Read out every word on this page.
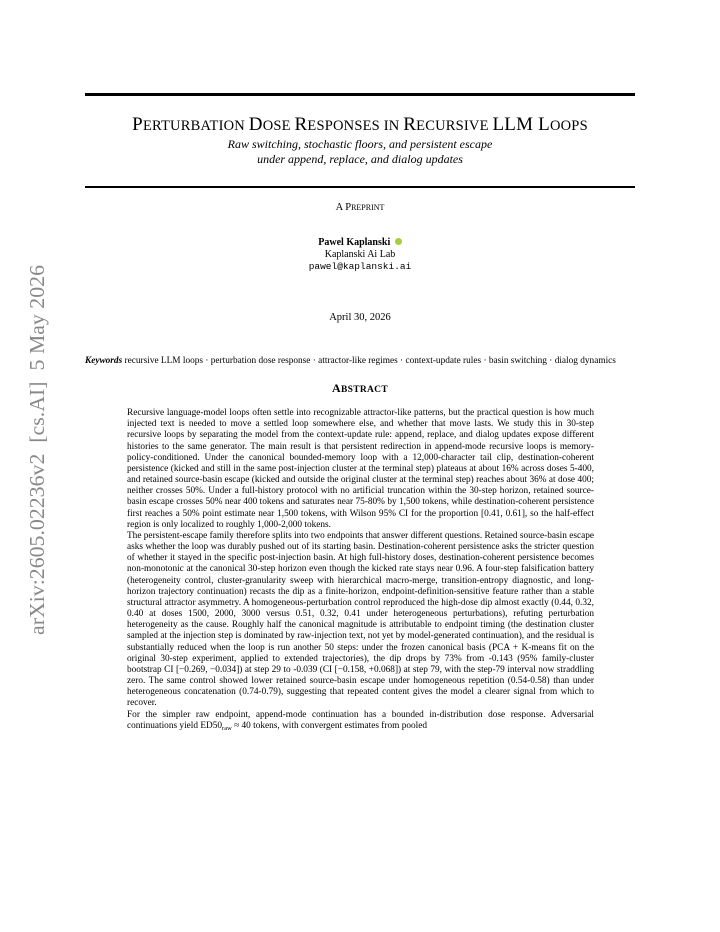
arXiv:2605.02236v2  [cs.AI]  5 May 2026
PERTURBATION DOSE RESPONSES IN RECURSIVE LLM LOOPS
Raw switching, stochastic floors, and persistent escape
under append, replace, and dialog updates
A PREPRINT
Pawel Kaplanski
Kaplanski Ai Lab
pawel@kaplanski.ai
April 30, 2026
Keywords recursive LLM loops · perturbation dose response · attractor-like regimes · context-update rules · basin switching · dialog dynamics
ABSTRACT

Recursive language-model loops often settle into recognizable attractor-like patterns, but the practical question is how much injected text is needed to move a settled loop somewhere else, and whether that move lasts. We study this in 30-step recursive loops by separating the model from the context-update rule: append, replace, and dialog updates expose different histories to the same generator. The main result is that persistent redirection in append-mode recursive loops is memory-policy-conditioned. Under the canonical bounded-memory loop with a 12,000-character tail clip, destination-coherent persistence (kicked and still in the same post-injection cluster at the terminal step) plateaus at about 16% across doses 5-400, and retained source-basin escape (kicked and outside the original cluster at the terminal step) reaches about 36% at dose 400; neither crosses 50%. Under a full-history protocol with no artificial truncation within the 30-step horizon, retained source-basin escape crosses 50% near 400 tokens and saturates near 75-80% by 1,500 tokens, while destination-coherent persistence first reaches a 50% point estimate near 1,500 tokens, with Wilson 95% CI for the proportion [0.41, 0.61], so the half-effect region is only localized to roughly 1,000-2,000 tokens.

The persistent-escape family therefore splits into two endpoints that answer different questions. Retained source-basin escape asks whether the loop was durably pushed out of its starting basin. Destination-coherent persistence asks the stricter question of whether it stayed in the specific post-injection basin. At high full-history doses, destination-coherent persistence becomes non-monotonic at the canonical 30-step horizon even though the kicked rate stays near 0.96. A four-step falsification battery (heterogeneity control, cluster-granularity sweep with hierarchical macro-merge, transition-entropy diagnostic, and long-horizon trajectory continuation) recasts the dip as a finite-horizon, endpoint-definition-sensitive feature rather than a stable structural attractor asymmetry. A homogeneous-perturbation control reproduced the high-dose dip almost exactly (0.44, 0.32, 0.40 at doses 1500, 2000, 3000 versus 0.51, 0.32, 0.41 under heterogeneous perturbations), refuting perturbation heterogeneity as the cause. Roughly half the canonical magnitude is attributable to endpoint timing (the destination cluster sampled at the injection step is dominated by raw-injection text, not yet by model-generated continuation), and the residual is substantially reduced when the loop is run another 50 steps: under the frozen canonical basis (PCA + K-means fit on the original 30-step experiment, applied to extended trajectories), the dip drops by 73% from -0.143 (95% family-cluster bootstrap CI [−0.269, −0.034]) at step 29 to -0.039 (CI [−0.158, +0.068]) at step 79, with the step-79 interval now straddling zero. The same control showed lower retained source-basin escape under homogeneous repetition (0.54-0.58) than under heterogeneous concatenation (0.74-0.79), suggesting that repeated content gives the model a clearer signal from which to recover.

For the simpler raw endpoint, append-mode continuation has a bounded in-distribution dose response. Adversarial continuations yield $ED50_{raw} \approx 40$ tokens, with convergent estimates from pooled
